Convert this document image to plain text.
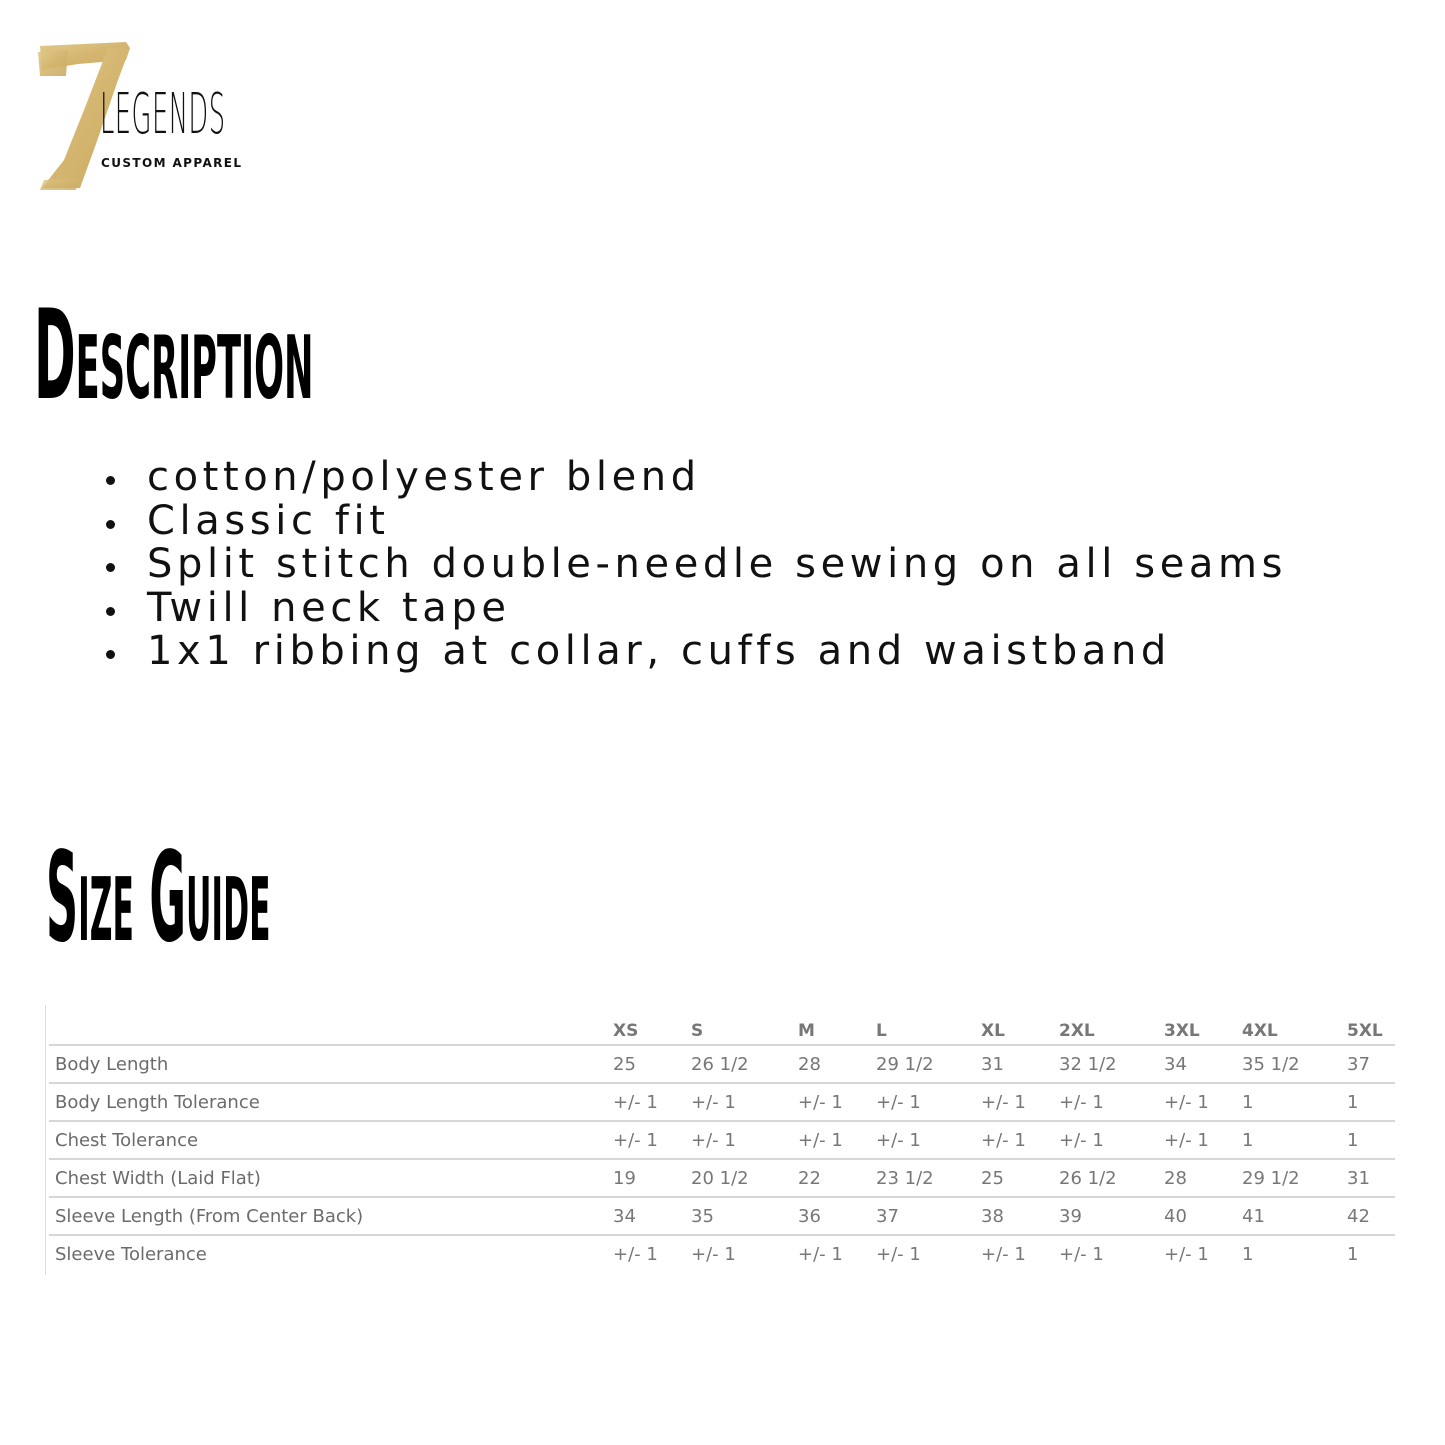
LEGENDS
CUSTOM APPAREL
Description
cotton/polyester blend
Classic fit
Split stitch double-needle sewing on all seams
Twill neck tape
1x1 ribbing at collar, cuffs and waistband
Size Guide
	XS	S	M	L	XL	2XL	3XL	4XL	5XL
Body Length	25	26 1/2	28	29 1/2	31	32 1/2	34	35 1/2	37
Body Length Tolerance	+/- 1	+/- 1	+/- 1	+/- 1	+/- 1	+/- 1	+/- 1	1	1
Chest Tolerance	+/- 1	+/- 1	+/- 1	+/- 1	+/- 1	+/- 1	+/- 1	1	1
Chest Width (Laid Flat)	19	20 1/2	22	23 1/2	25	26 1/2	28	29 1/2	31
Sleeve Length (From Center Back)	34	35	36	37	38	39	40	41	42
Sleeve Tolerance	+/- 1	+/- 1	+/- 1	+/- 1	+/- 1	+/- 1	+/- 1	1	1
